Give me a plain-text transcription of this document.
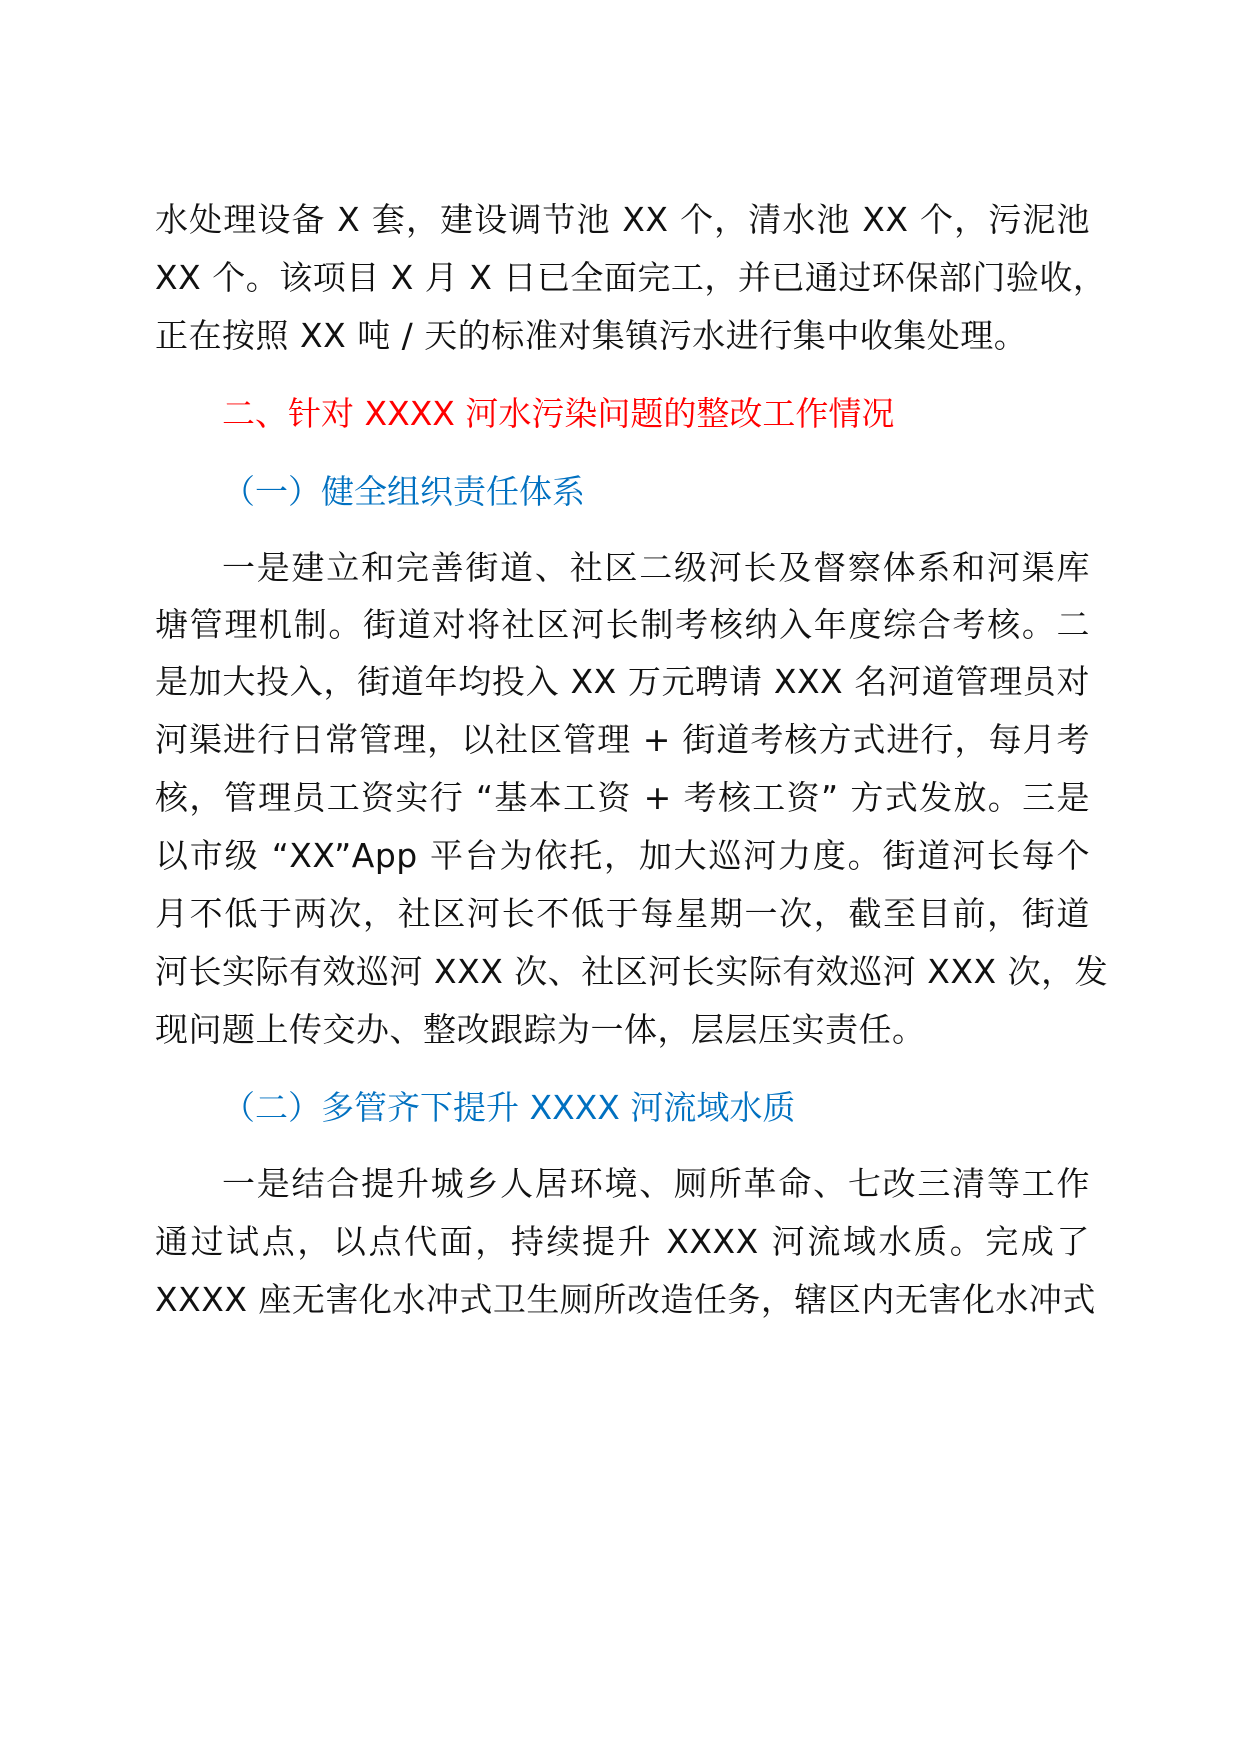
水处理设备 X 套，建设调节池 XX 个，清水池 XX 个，污泥池
XX 个。该项目 X 月 X 日已全面完工，并已通过环保部门验收，
正在按照 XX 吨 / 天的标准对集镇污水进行集中收集处理。
二、针对 XXXX 河水污染问题的整改工作情况
（一）健全组织责任体系
一是建立和完善街道、社区二级河长及督察体系和河渠库
塘管理机制。街道对将社区河长制考核纳入年度综合考核。二
是加大投入，街道年均投入 XX 万元聘请 XXX 名河道管理员对
河渠进行日常管理，以社区管理 + 街道考核方式进行，每月考
核，管理员工资实行 “基本工资 + 考核工资” 方式发放。三是
以市级 “XX”App 平台为依托，加大巡河力度。街道河长每个
月不低于两次，社区河长不低于每星期一次，截至目前，街道
河长实际有效巡河 XXX 次、社区河长实际有效巡河 XXX 次，发
现问题上传交办、整改跟踪为一体，层层压实责任。
（二）多管齐下提升 XXXX 河流域水质
一是结合提升城乡人居环境、厕所革命、七改三清等工作
通过试点，以点代面，持续提升 XXXX 河流域水质。完成了
XXXX 座无害化水冲式卫生厕所改造任务，辖区内无害化水冲式
